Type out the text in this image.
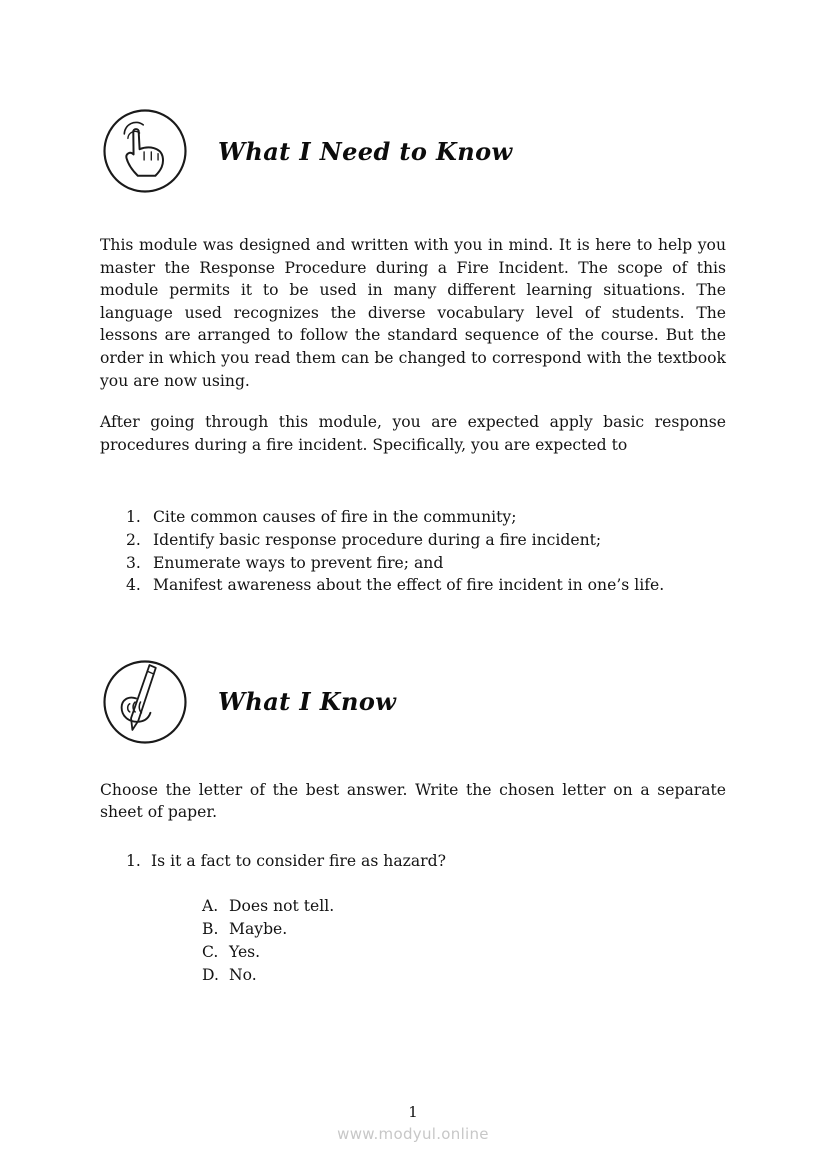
What I Need to Know

This module was designed and written with you in mind. It is here to help you master the Response Procedure during a Fire Incident. The scope of this module permits it to be used in many different learning situations. The language used recognizes the diverse vocabulary level of students. The lessons are arranged to follow the standard sequence of the course. But the order in which you read them can be changed to correspond with the textbook you are now using.

After going through this module, you are expected apply basic response procedures during a fire incident. Specifically, you are expected to

1. Cite common causes of fire in the community;
2. Identify basic response procedure during a fire incident;
3. Enumerate ways to prevent fire; and
4. Manifest awareness about the effect of fire incident in one’s life.
What I Know

Choose the letter of the best answer. Write the chosen letter on a separate sheet of paper.

1. Is it a fact to consider fire as hazard?
A. Does not tell.
B. Maybe.
C. Yes.
D. No.
1
www.modyul.online
